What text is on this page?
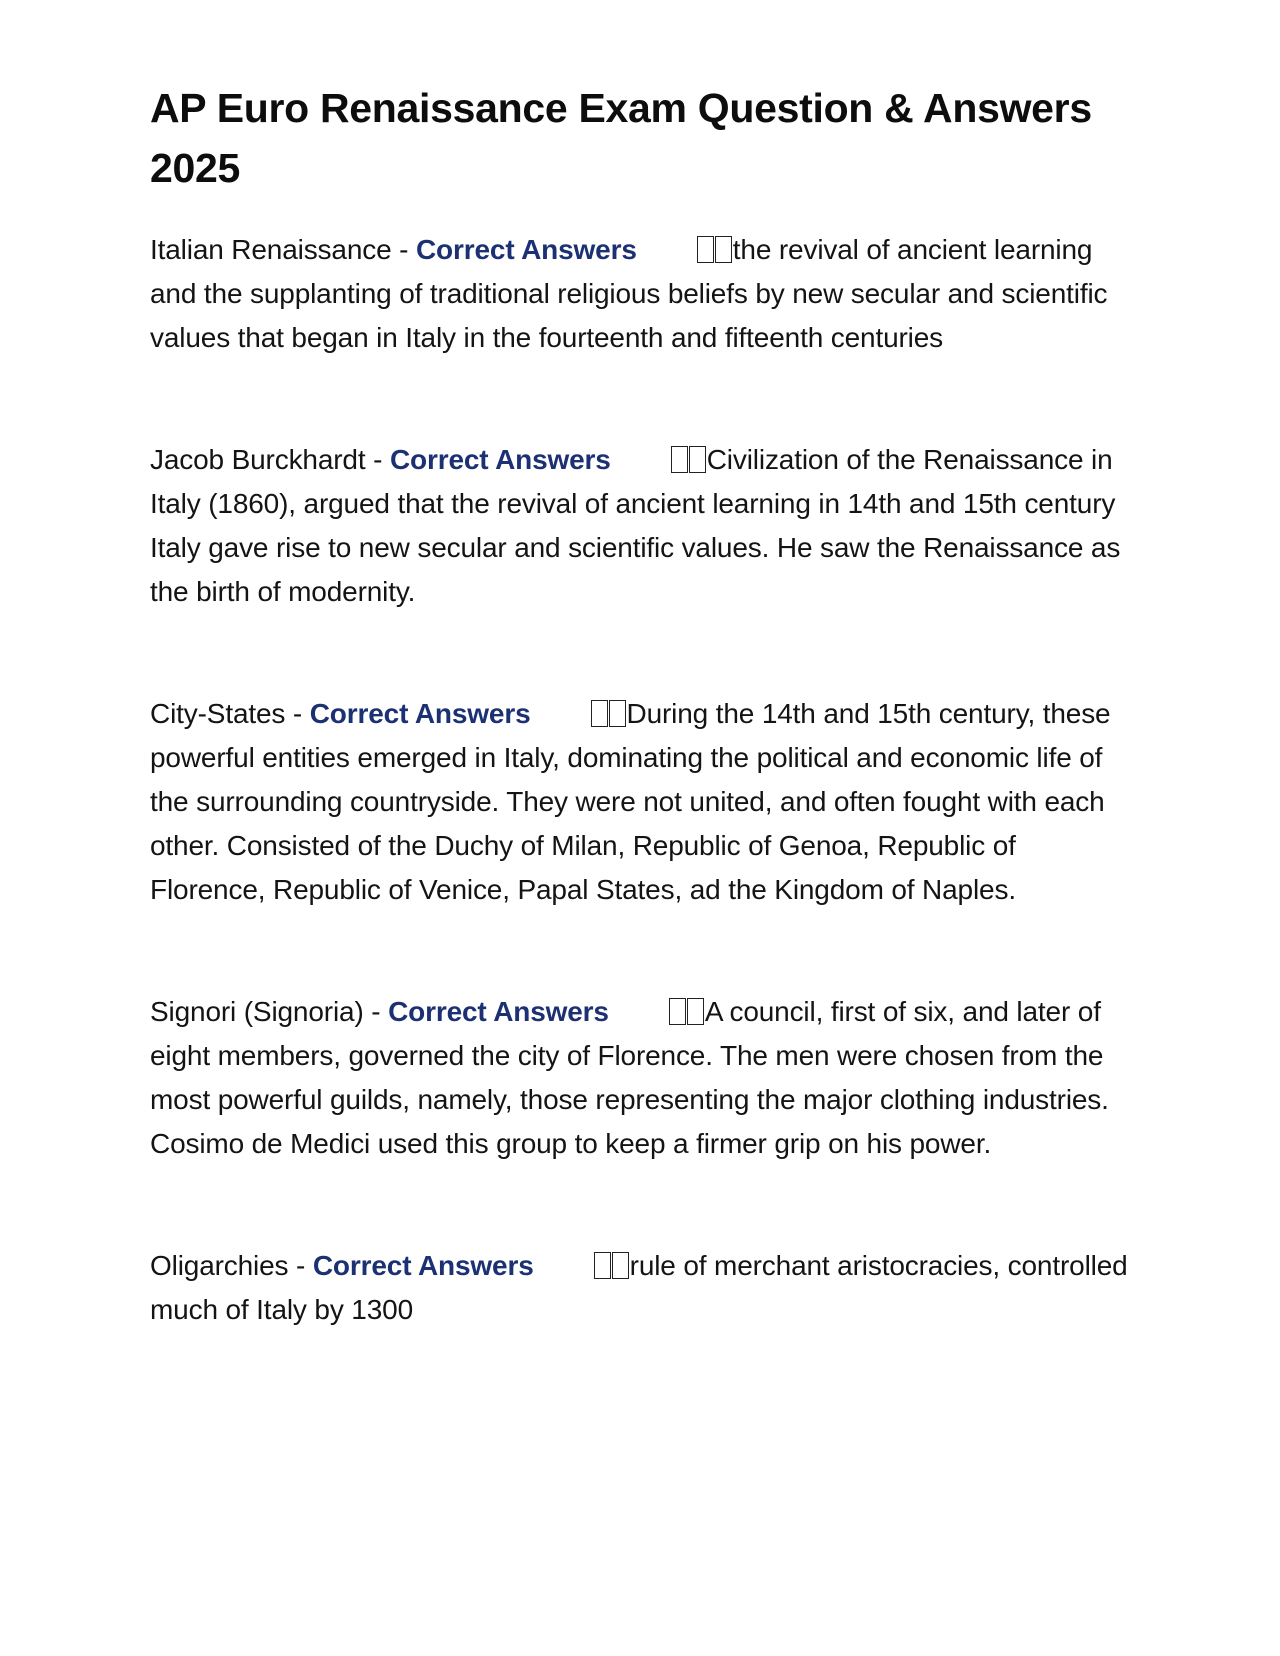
AP Euro Renaissance Exam Question & Answers 2025
Italian Renaissance - Correct Answers	the revival of ancient learning and the supplanting of traditional religious beliefs by new secular and scientific values that began in Italy in the fourteenth and fifteenth centuries
Jacob Burckhardt - Correct Answers	Civilization of the Renaissance in Italy (1860), argued that the revival of ancient learning in 14th and 15th century Italy gave rise to new secular and scientific values. He saw the Renaissance as the birth of modernity.
City-States - Correct Answers	During the 14th and 15th century, these powerful entities emerged in Italy, dominating the political and economic life of the surrounding countryside. They were not united, and often fought with each other. Consisted of the Duchy of Milan, Republic of Genoa, Republic of Florence, Republic of Venice, Papal States, ad the Kingdom of Naples.
Signori (Signoria) - Correct Answers	A council, first of six, and later of eight members, governed the city of Florence. The men were chosen from the most powerful guilds, namely, those representing the major clothing industries. Cosimo de Medici used this group to keep a firmer grip on his power.
Oligarchies - Correct Answers	rule of merchant aristocracies, controlled much of Italy by 1300
